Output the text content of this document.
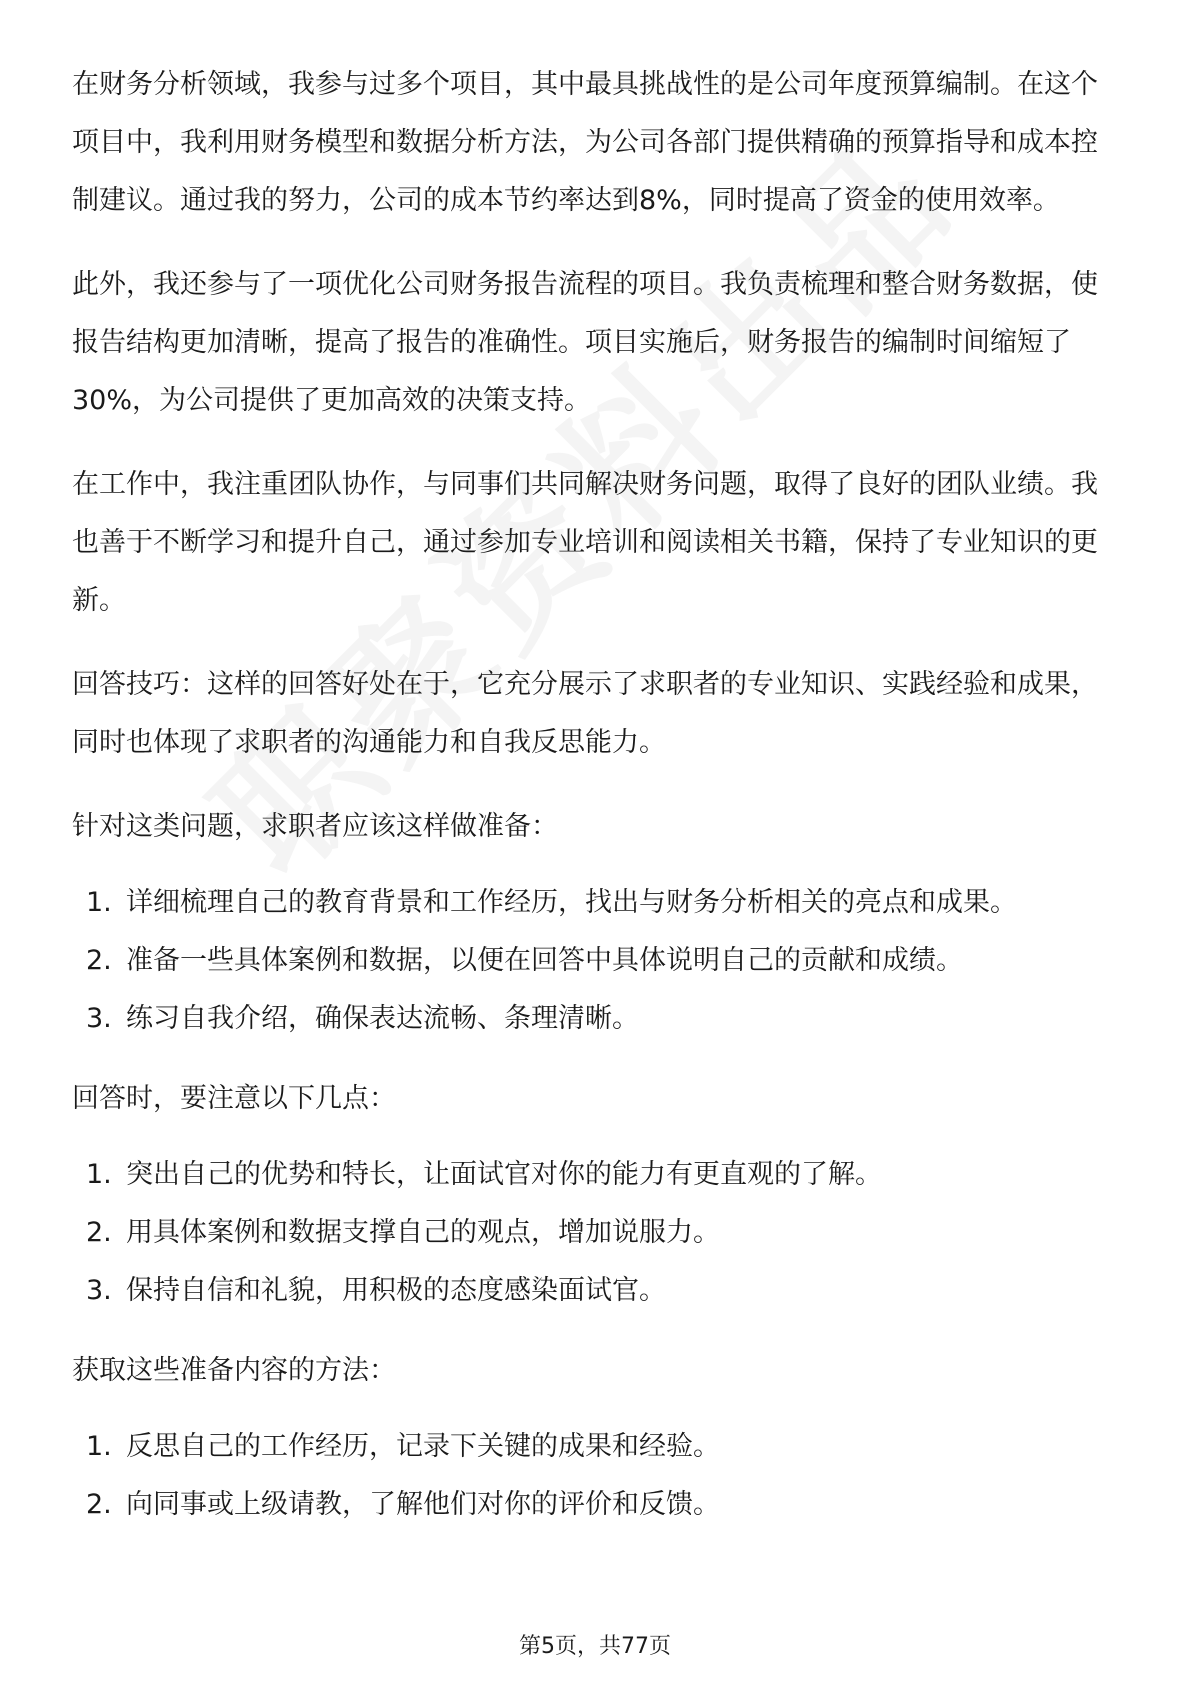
在财务分析领域，我参与过多个项目，其中最具挑战性的是公司年度预算编制。在这个项目中，我利用财务模型和数据分析方法，为公司各部门提供精确的预算指导和成本控制建议。通过我的努力，公司的成本节约率达到8%，同时提高了资金的使用效率。

此外，我还参与了一项优化公司财务报告流程的项目。我负责梳理和整合财务数据，使报告结构更加清晰，提高了报告的准确性。项目实施后，财务报告的编制时间缩短了30%，为公司提供了更加高效的决策支持。

在工作中，我注重团队协作，与同事们共同解决财务问题，取得了良好的团队业绩。我也善于不断学习和提升自己，通过参加专业培训和阅读相关书籍，保持了专业知识的更新。

回答技巧：这样的回答好处在于，它充分展示了求职者的专业知识、实践经验和成果，同时也体现了求职者的沟通能力和自我反思能力。

针对这类问题，求职者应该这样做准备：

1. 详细梳理自己的教育背景和工作经历，找出与财务分析相关的亮点和成果。
2. 准备一些具体案例和数据，以便在回答中具体说明自己的贡献和成绩。
3. 练习自我介绍，确保表达流畅、条理清晰。

回答时，要注意以下几点：

1. 突出自己的优势和特长，让面试官对你的能力有更直观的了解。
2. 用具体案例和数据支撑自己的观点，增加说服力。
3. 保持自信和礼貌，用积极的态度感染面试官。

获取这些准备内容的方法：

1. 反思自己的工作经历，记录下关键的成果和经验。
2. 向同事或上级请教，了解他们对你的评价和反馈。
第5页，共77页
